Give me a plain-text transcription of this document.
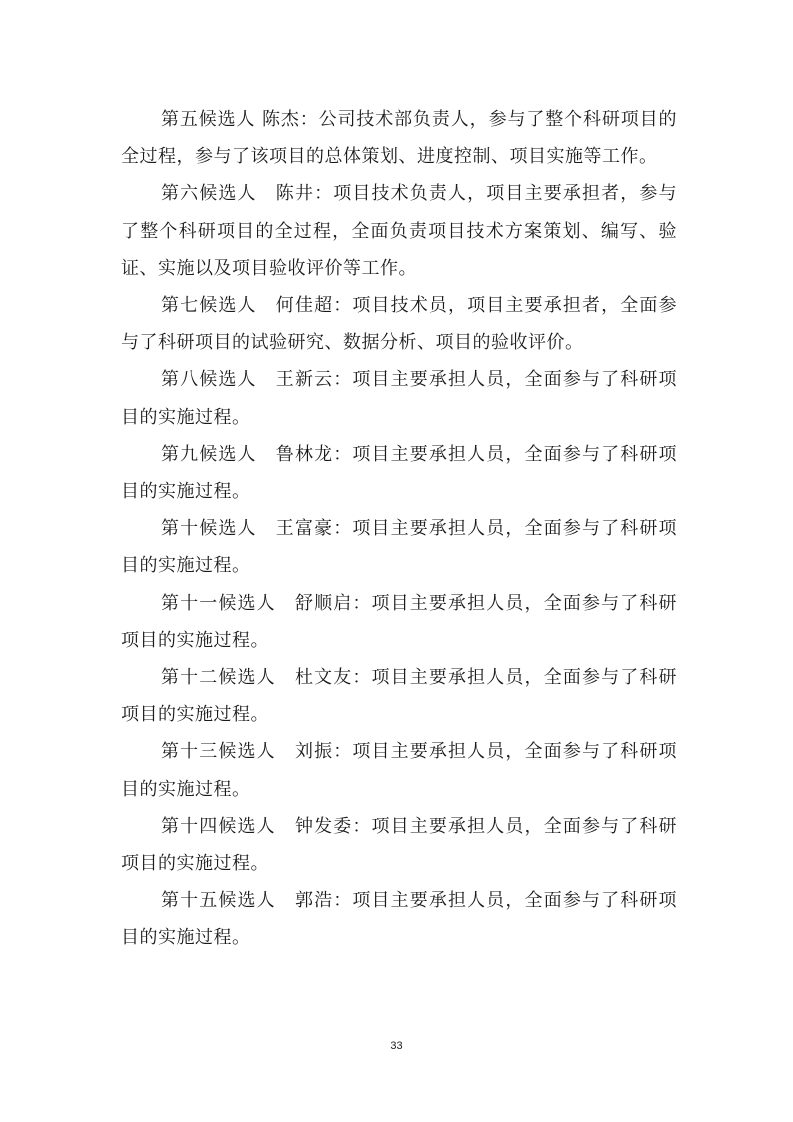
第五候选人 陈杰：公司技术部负责人，参与了整个科研项目的全过程，参与了该项目的总体策划、进度控制、项目实施等工作。

第六候选人　陈井：项目技术负责人，项目主要承担者，参与了整个科研项目的全过程，全面负责项目技术方案策划、编写、验证、实施以及项目验收评价等工作。

第七候选人　何佳超：项目技术员，项目主要承担者，全面参与了科研项目的试验研究、数据分析、项目的验收评价。

第八候选人　王新云：项目主要承担人员，全面参与了科研项目的实施过程。

第九候选人　鲁林龙：项目主要承担人员，全面参与了科研项目的实施过程。

第十候选人　王富豪：项目主要承担人员，全面参与了科研项目的实施过程。

第十一候选人　舒顺启：项目主要承担人员，全面参与了科研项目的实施过程。

第十二候选人　杜文友：项目主要承担人员，全面参与了科研项目的实施过程。

第十三候选人　刘振：项目主要承担人员，全面参与了科研项目的实施过程。

第十四候选人　钟发委：项目主要承担人员，全面参与了科研项目的实施过程。

第十五候选人　郭浩：项目主要承担人员，全面参与了科研项目的实施过程。

33
